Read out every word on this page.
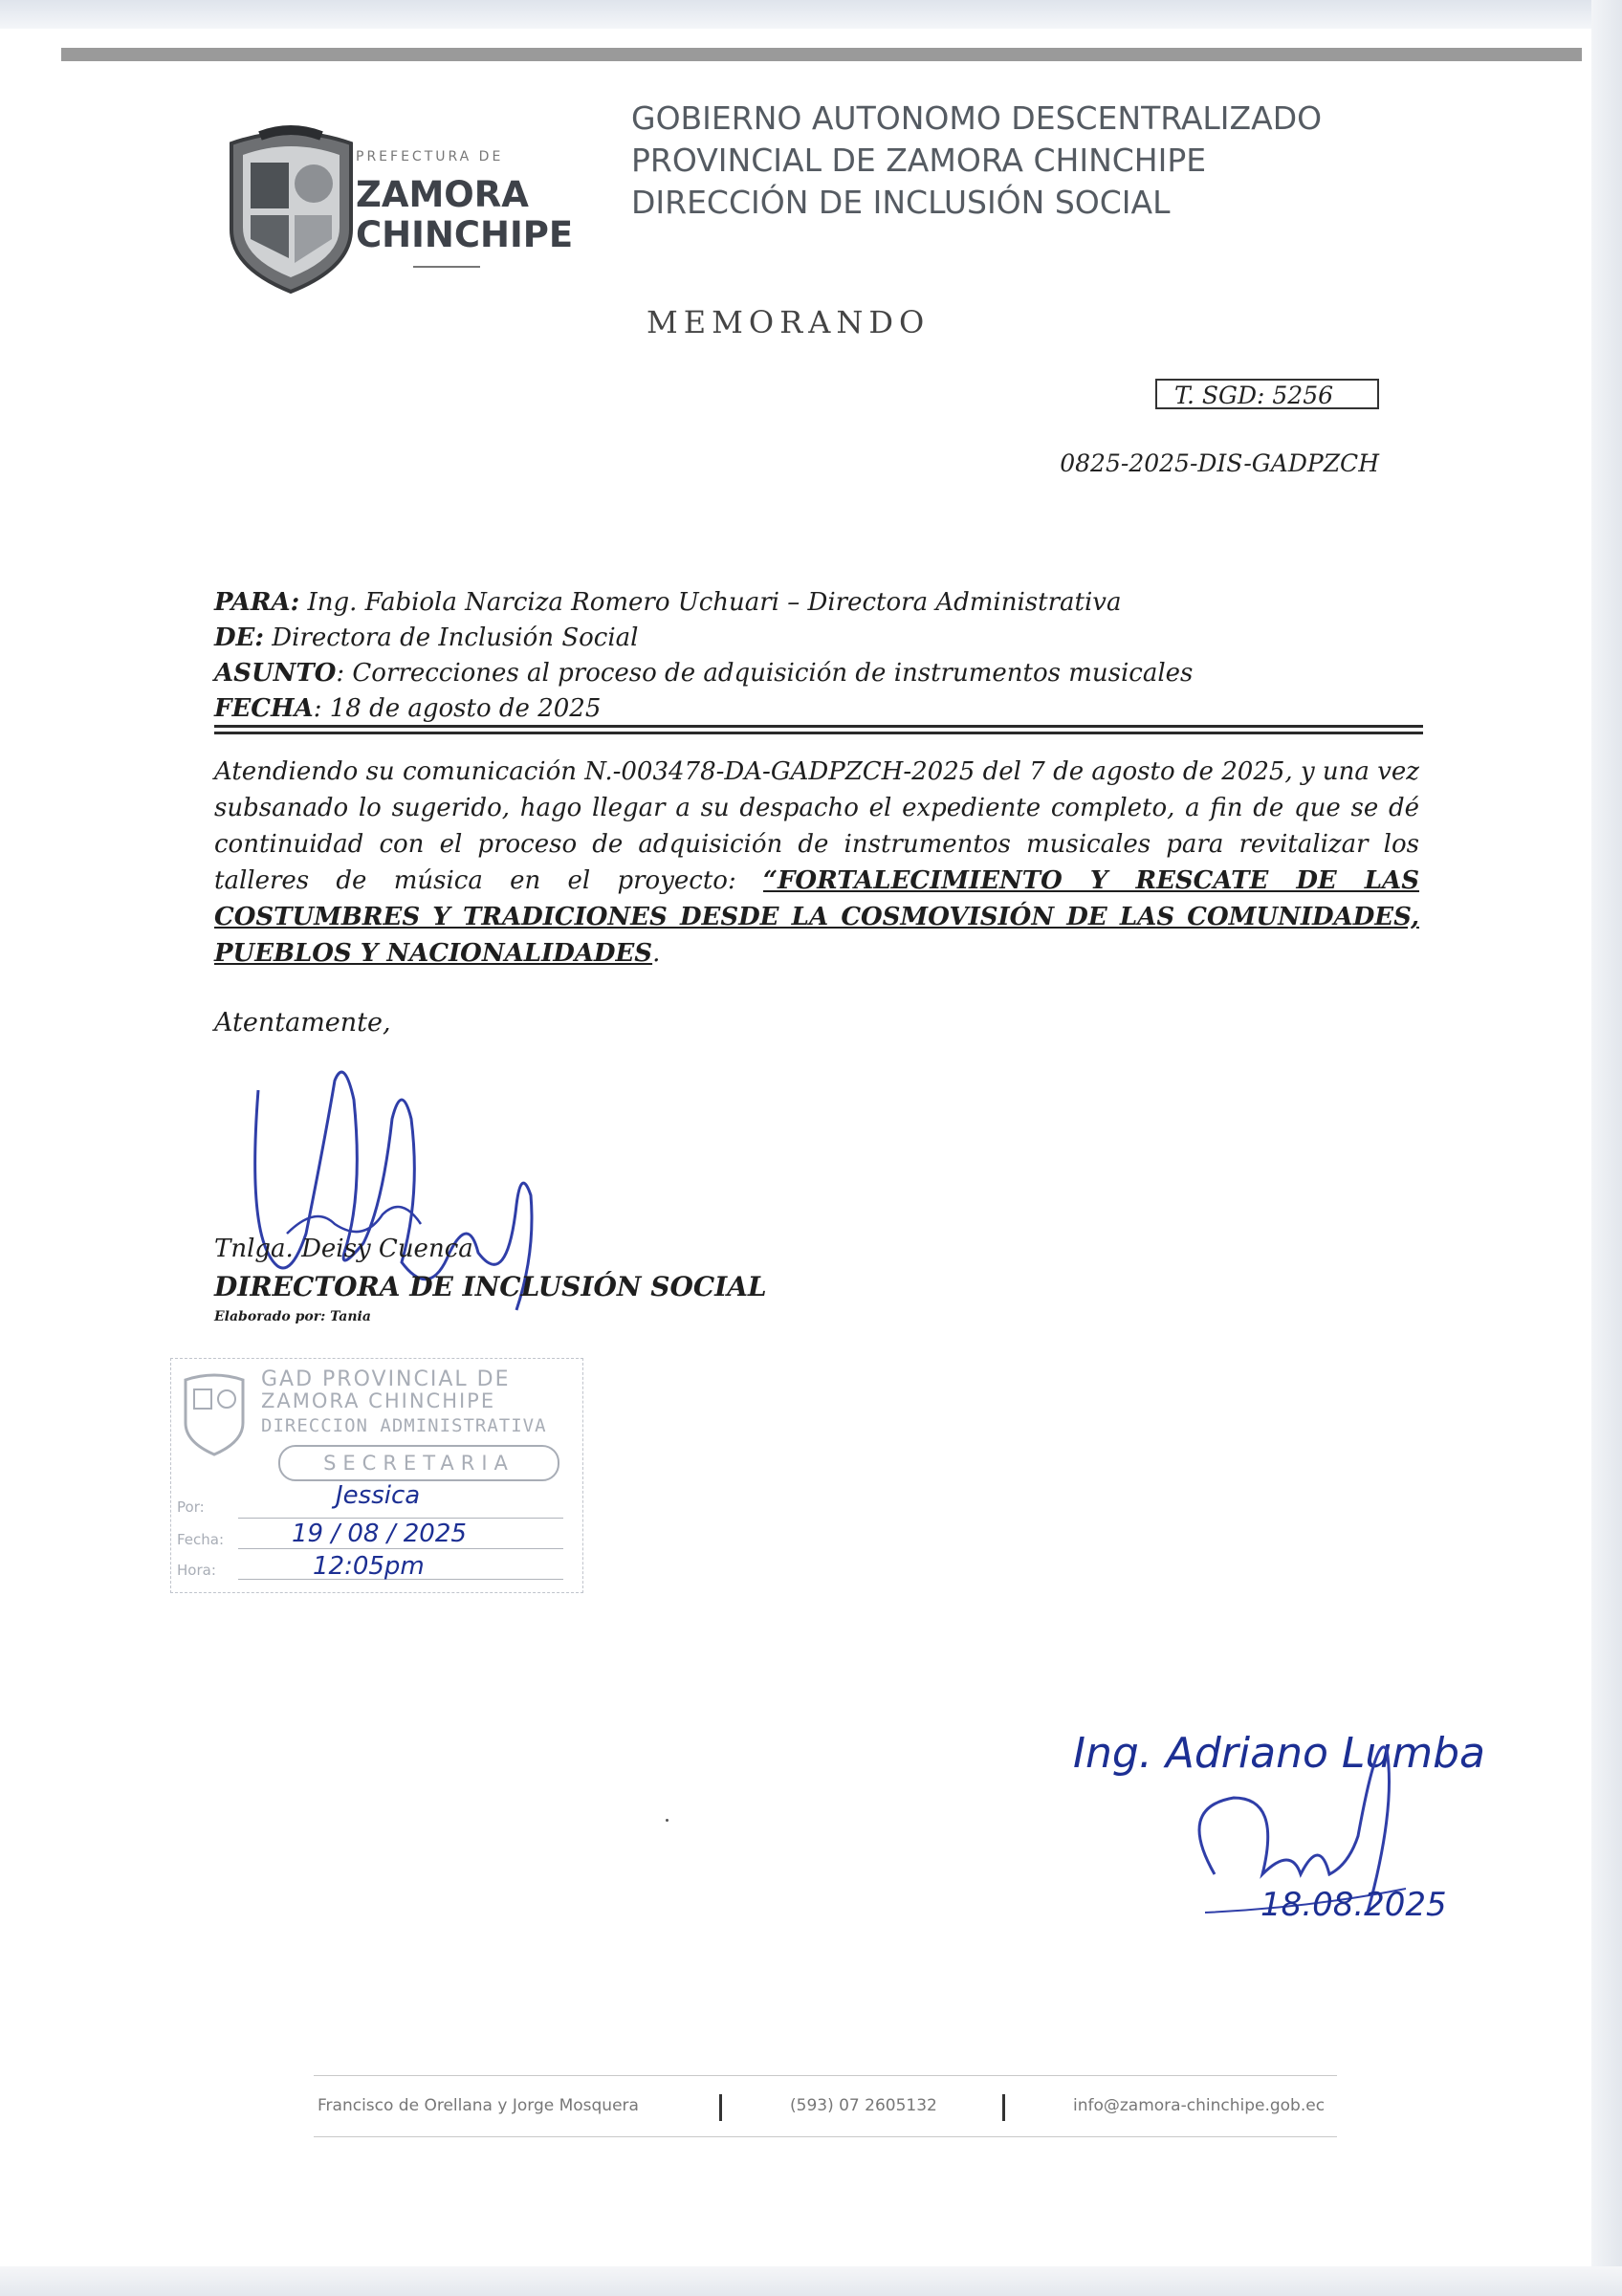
PREFECTURA DE
ZAMORA
CHINCHIPE
GOBIERNO AUTONOMO DESCENTRALIZADO
PROVINCIAL DE ZAMORA CHINCHIPE
DIRECCIÓN DE INCLUSIÓN SOCIAL
MEMORANDO
T. SGD: 5256
0825-2025-DIS-GADPZCH
PARA: Ing. Fabiola Narciza Romero Uchuari – Directora Administrativa
DE: Directora de Inclusión Social
ASUNTO: Correcciones al proceso de adquisición de instrumentos musicales
FECHA: 18 de agosto de 2025
Atendiendo su comunicación N.-003478-DA-GADPZCH-2025 del 7 de agosto de 2025, y una vez subsanado lo sugerido, hago llegar a su despacho el expediente completo, a fin de que se dé continuidad con el proceso de adquisición de instrumentos musicales para revitalizar los talleres de música en el proyecto: “FORTALECIMIENTO Y RESCATE DE LAS COSTUMBRES Y TRADICIONES DESDE LA COSMOVISIÓN DE LAS COMUNIDADES, PUEBLOS Y NACIONALIDADES.
Atentamente,
Tnlga. Deisy Cuenca
DIRECTORA DE INCLUSIÓN SOCIAL
Elaborado por: Tania
GAD PROVINCIAL DE
ZAMORA CHINCHIPE
DIRECCION ADMINISTRATIVA
SECRETARIA
Por:
Fecha:
Hora:
Jessica
19 / 08 / 2025
12:05pm
Ing. Adriano Lumba
18.08.2025
Francisco de Orellana y Jorge Mosquera	(593) 07 2605132	info@zamora-chinchipe.gob.ec
